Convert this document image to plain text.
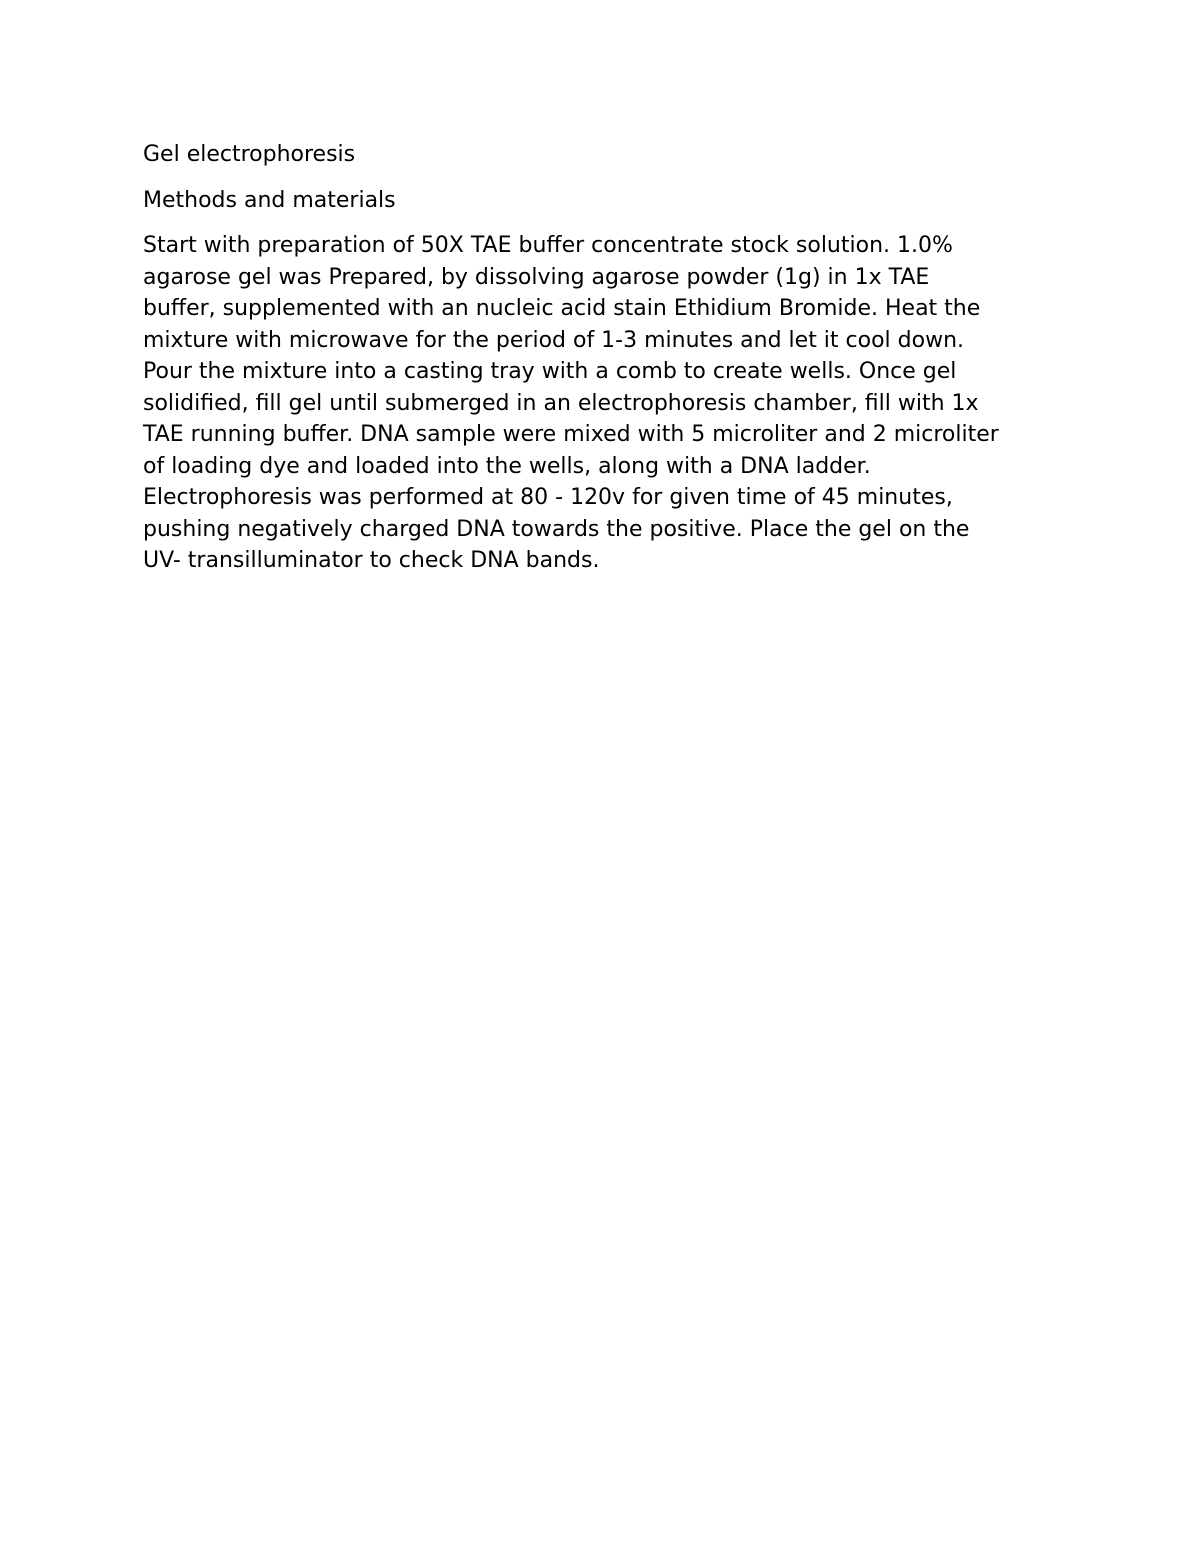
Gel electrophoresis

Methods and materials

Start with preparation of 50X TAE buffer concentrate stock solution. 1.0%

agarose gel was Prepared, by dissolving agarose powder (1g) in 1x TAE

buffer, supplemented with an nucleic acid stain Ethidium Bromide. Heat the

mixture with microwave for the period of 1-3 minutes and let it cool down.

Pour the mixture into a casting tray with a comb to create wells. Once gel

solidified, fill gel until submerged in an electrophoresis chamber, fill with 1x

TAE running buffer. DNA sample were mixed with 5 microliter and 2 microliter

of loading dye and loaded into the wells, along with a DNA ladder.

Electrophoresis was performed at 80 - 120v for given time of 45 minutes,

pushing negatively charged DNA towards the positive. Place the gel on the

UV- transilluminator to check DNA bands.
